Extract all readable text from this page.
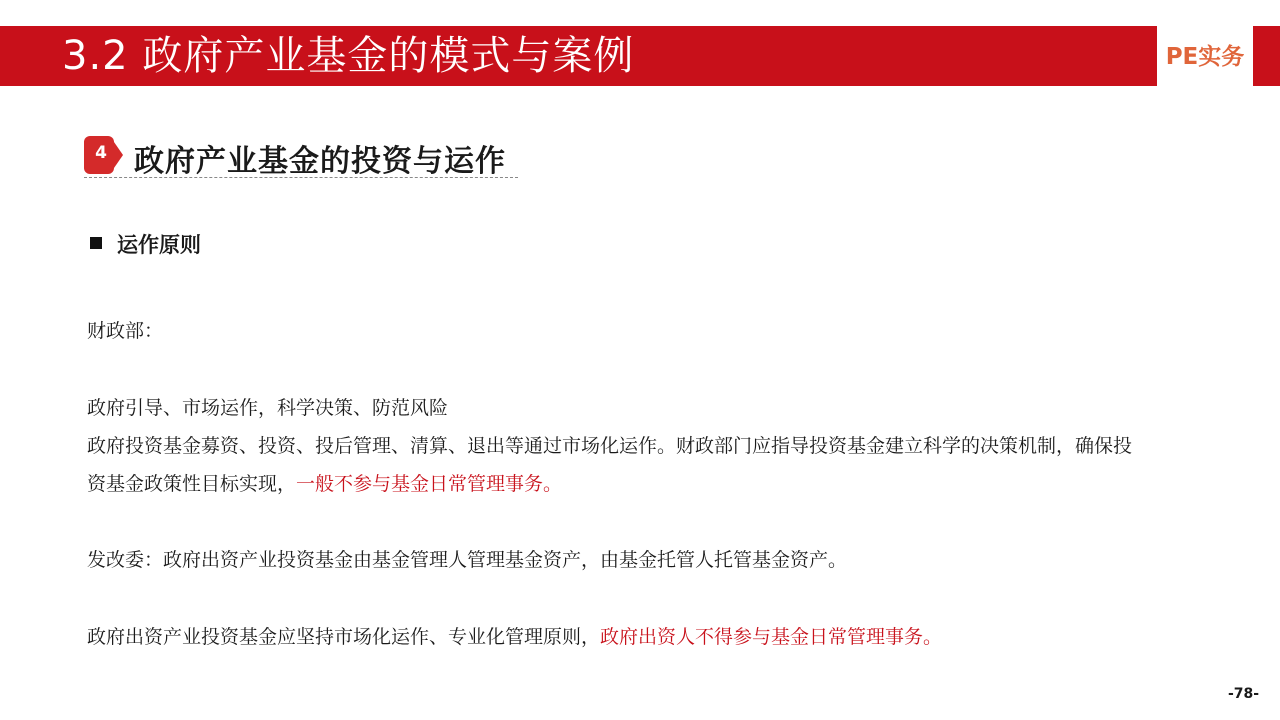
3.2 政府产业基金的模式与案例	PE实务
4 政府产业基金的投资与运作
运作原则
财政部：
政府引导、市场运作，科学决策、防范风险
政府投资基金募资、投资、投后管理、清算、退出等通过市场化运作。财政部门应指导投资基金建立科学的决策机制，确保投
资基金政策性目标实现，一般不参与基金日常管理事务。
发改委：政府出资产业投资基金由基金管理人管理基金资产，由基金托管人托管基金资产。
政府出资产业投资基金应坚持市场化运作、专业化管理原则，政府出资人不得参与基金日常管理事务。
-78-
